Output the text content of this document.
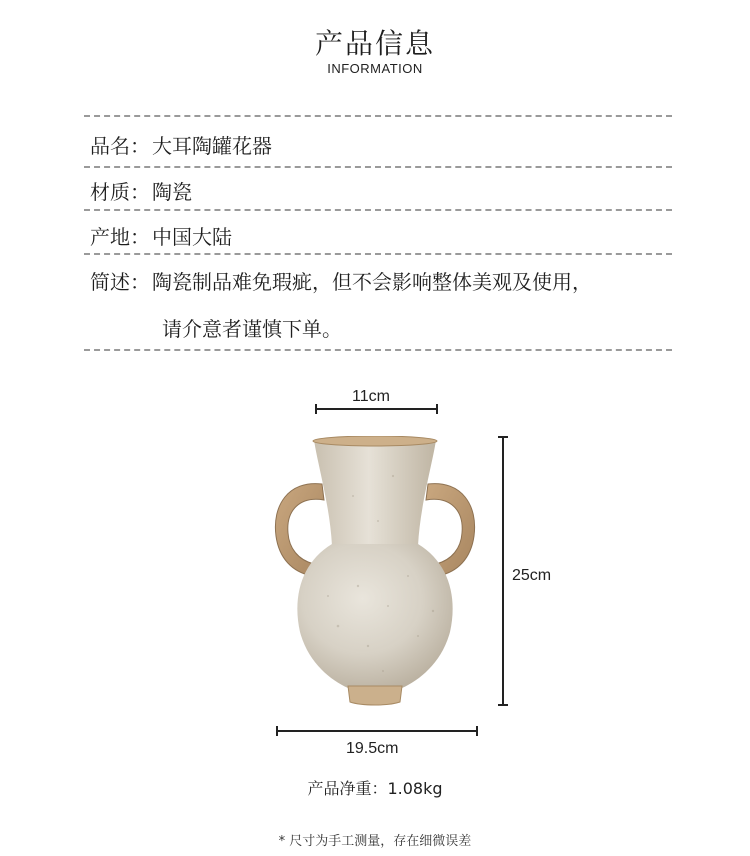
产品信息
INFORMATION
品名： 大耳陶罐花器
材质： 陶瓷
产地： 中国大陆
简述： 陶瓷制品难免瑕疵，但不会影响整体美观及使用，
请介意者谨慎下单。
11cm
25cm
19.5cm
产品净重：1.08kg
* 尺寸为手工测量，存在细微误差
